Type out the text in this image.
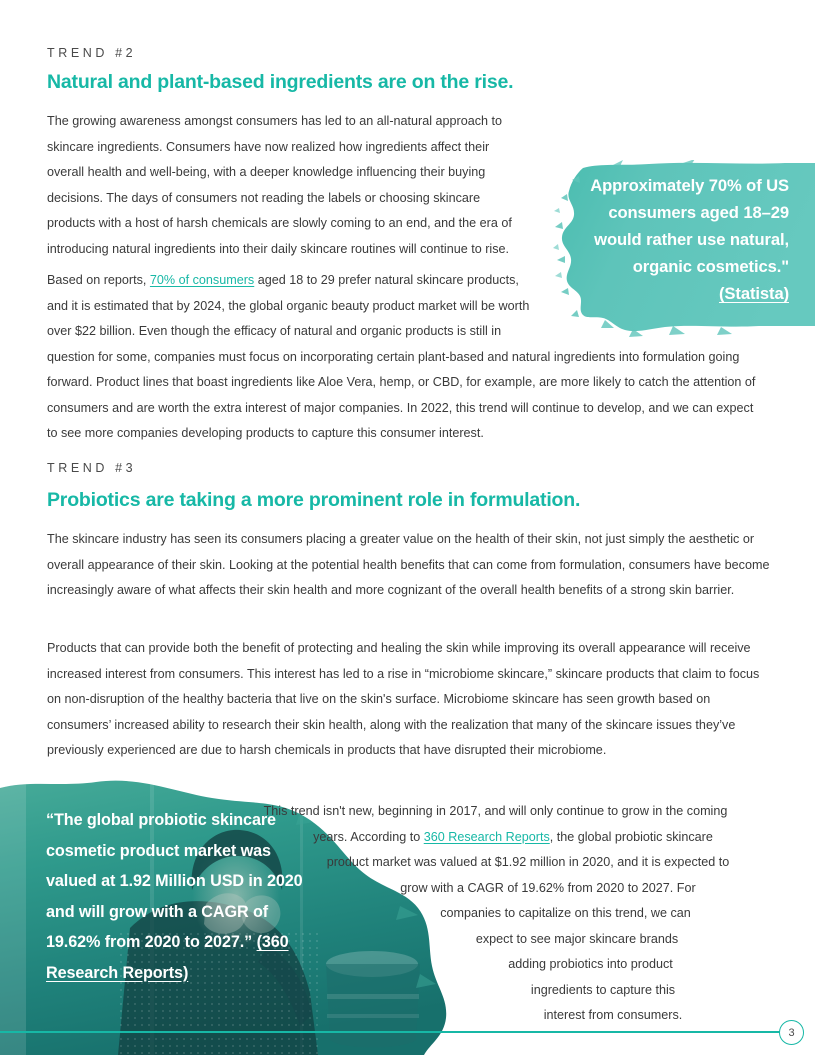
TREND #2
Natural and plant-based ingredients are on the rise.
Approximately 70% of US consumers aged 18–29 would rather use natural, organic cosmetics." (Statista)

The growing awareness amongst consumers has led to an all-natural approach to skincare ingredients. Consumers have now realized how ingredients affect their overall health and well-being, with a deeper knowledge influencing their buying decisions. The days of consumers not reading the labels or choosing skincare products with a host of harsh chemicals are slowly coming to an end, and the era of introducing natural ingredients into their daily skincare routines will continue to rise.

Based on reports, 70% of consumers aged 18 to 29 prefer natural skincare products, and it is estimated that by 2024, the global organic beauty product market will be worth over $22 billion. Even though the efficacy of natural and organic products is still in question for some, companies must focus on incorporating certain plant-based and natural ingredients into formulation going forward. Product lines that boast ingredients like Aloe Vera, hemp, or CBD, for example, are more likely to catch the attention of consumers and are worth the extra interest of major companies. In 2022, this trend will continue to develop, and we can expect to see more companies developing products to capture this consumer interest.

TREND #3
Probiotics are taking a more prominent role in formulation.

The skincare industry has seen its consumers placing a greater value on the health of their skin, not just simply the aesthetic or overall appearance of their skin. Looking at the potential health benefits that can come from formulation, consumers have become increasingly aware of what affects their skin health and more cognizant of the overall health benefits of a strong skin barrier.

Products that can provide both the benefit of protecting and healing the skin while improving its overall appearance will receive increased interest from consumers. This interest has led to a rise in “microbiome skincare,” skincare products that claim to focus on non-disruption of the healthy bacteria that live on the skin's surface. Microbiome skincare has seen growth based on consumers’ increased ability to research their skin health, along with the realization that many of the skincare issues they’ve previously experienced are due to harsh chemicals in products that have disrupted their microbiome.

“The global probiotic skincare cosmetic product market was valued at 1.92 Million USD in 2020 and will grow with a CAGR of 19.62% from 2020 to 2027.” (360 Research Reports)
This trend isn't new, beginning in 2017, and will only continue to grow in the coming
years. According to 360 Research Reports, the global probiotic skincare
product market was valued at $1.92 million in 2020, and it is expected to
grow with a CAGR of 19.62% from 2020 to 2027. For
companies to capitalize on this trend, we can
expect to see major skincare brands
adding probiotics into product
ingredients to capture this
interest from consumers.
3
